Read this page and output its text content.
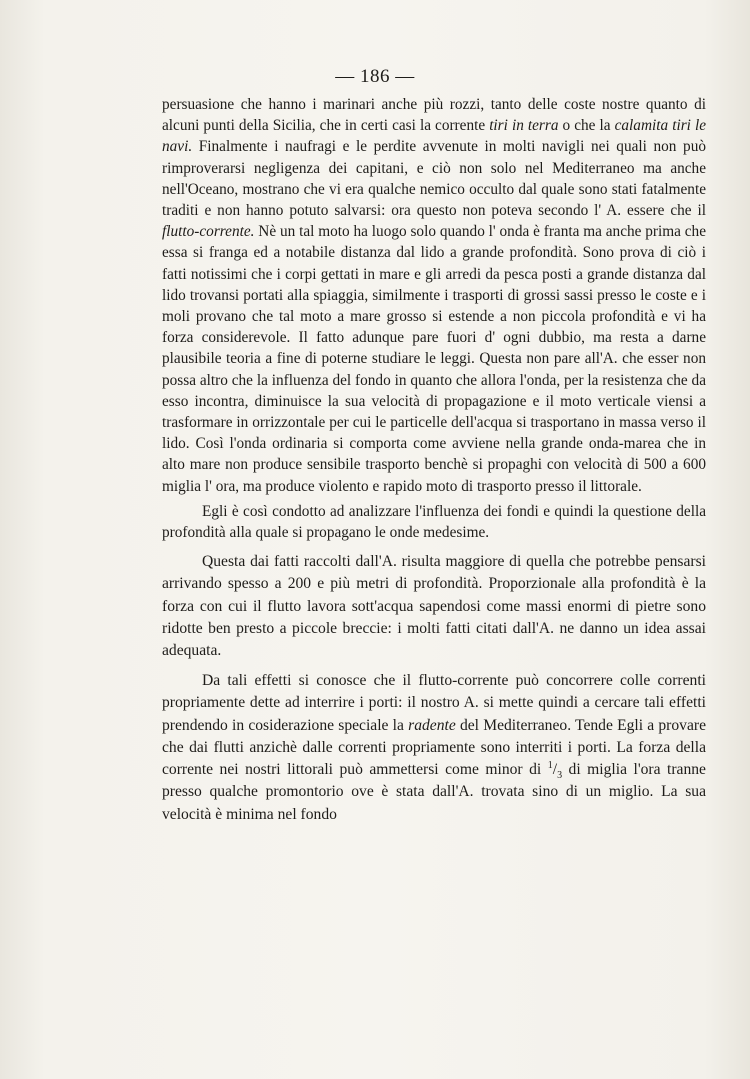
— 186 —

persuasione che hanno i marinari anche più rozzi, tanto delle coste nostre quanto di alcuni punti della Sicilia, che in certi casi la corrente tiri in terra o che la calamita tiri le navi. Finalmente i naufragi e le perdite avvenute in molti navigli nei quali non può rimproverarsi negligenza dei capitani, e ciò non solo nel Mediterraneo ma anche nell'Oceano, mostrano che vi era qualche nemico occulto dal quale sono stati fatalmente traditi e non hanno potuto salvarsi: ora questo non poteva secondo l' A. essere che il flutto-corrente. Nè un tal moto ha luogo solo quando l' onda è franta ma anche prima che essa si franga ed a notabile distanza dal lido a grande profondità. Sono prova di ciò i fatti notissimi che i corpi gettati in mare e gli arredi da pesca posti a grande distanza dal lido trovansi portati alla spiaggia, similmente i trasporti di grossi sassi presso le coste e i moli provano che tal moto a mare grosso si estende a non piccola profondità e vi ha forza considerevole. Il fatto adunque pare fuori d' ogni dubbio, ma resta a darne plausibile teoria a fine di poterne studiare le leggi. Questa non pare all'A. che esser non possa altro che la influenza del fondo in quanto che allora l'onda, per la resistenza che da esso incontra, diminuisce la sua velocità di propagazione e il moto verticale viensi a trasformare in orrizzontale per cui le particelle dell'acqua si trasportano in massa verso il lido. Così l'onda ordinaria si comporta come avviene nella grande onda-marea che in alto mare non produce sensibile trasporto benchè si propaghi con velocità di 500 a 600 miglia l' ora, ma produce violento e rapido moto di trasporto presso il littorale.

Egli è così condotto ad analizzare l'influenza dei fondi e quindi la questione della profondità alla quale si propagano le onde medesime.

Questa dai fatti raccolti dall'A. risulta maggiore di quella che potrebbe pensarsi arrivando spesso a 200 e più metri di profondità. Proporzionale alla profondità è la forza con cui il flutto lavora sott'acqua sapendosi come massi enormi di pietre sono ridotte ben presto a piccole breccie: i molti fatti citati dall'A. ne danno un idea assai adequata.

Da tali effetti si conosce che il flutto-corrente può concorrere colle correnti propriamente dette ad interrire i porti: il nostro A. si mette quindi a cercare tali effetti prendendo in cosiderazione speciale la radente del Mediterraneo. Tende Egli a provare che dai flutti anzichè dalle correnti propriamente sono interriti i porti. La forza della corrente nei nostri littorali può ammettersi come minor di $^1/_3$ di miglia l'ora tranne presso qualche promontorio ove è stata dall'A. trovata sino di un miglio. La sua velocità è minima nel fondo
